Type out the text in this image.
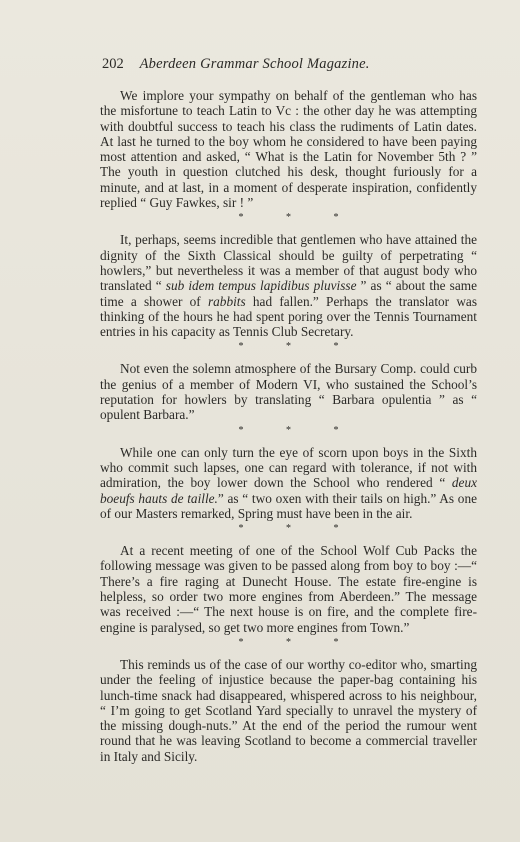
202 Aberdeen Grammar School Magazine.

We implore your sympathy on behalf of the gentleman who has the misfortune to teach Latin to Vc : the other day he was attempting with doubtful success to teach his class the rudiments of Latin dates. At last he turned to the boy whom he considered to have been paying most attention and asked, “ What is the Latin for November 5th ? ” The youth in question clutched his desk, thought furiously for a minute, and at last, in a moment of desperate inspiration, confidently replied “ Guy Fawkes, sir ! ”

* * *

It, perhaps, seems incredible that gentlemen who have attained the dignity of the Sixth Classical should be guilty of perpetrating “ howlers,” but nevertheless it was a member of that august body who translated “ sub idem tempus lapidibus pluvisse ” as “ about the same time a shower of rabbits had fallen.” Perhaps the translator was thinking of the hours he had spent poring over the Tennis Tournament entries in his capacity as Tennis Club Secretary.

* * *

Not even the solemn atmosphere of the Bursary Comp. could curb the genius of a member of Modern VI, who sustained the School’s reputation for howlers by translating “ Barbara opulentia ” as “ opulent Barbara.”

* * *

While one can only turn the eye of scorn upon boys in the Sixth who commit such lapses, one can regard with tolerance, if not with admiration, the boy lower down the School who rendered “ deux boeufs hauts de taille.” as “ two oxen with their tails on high.” As one of our Masters remarked, Spring must have been in the air.

* * *

At a recent meeting of one of the School Wolf Cub Packs the following message was given to be passed along from boy to boy :—“ There’s a fire raging at Dunecht House. The estate fire-engine is helpless, so order two more engines from Aberdeen.” The message was received :—“ The next house is on fire, and the complete fire-engine is paralysed, so get two more engines from Town.”

* * *

This reminds us of the case of our worthy co-editor who, smarting under the feeling of injustice because the paper-bag containing his lunch-time snack had disappeared, whispered across to his neighbour, “ I’m going to get Scotland Yard specially to unravel the mystery of the missing dough-nuts.” At the end of the period the rumour went round that he was leaving Scotland to become a commercial traveller in Italy and Sicily.
